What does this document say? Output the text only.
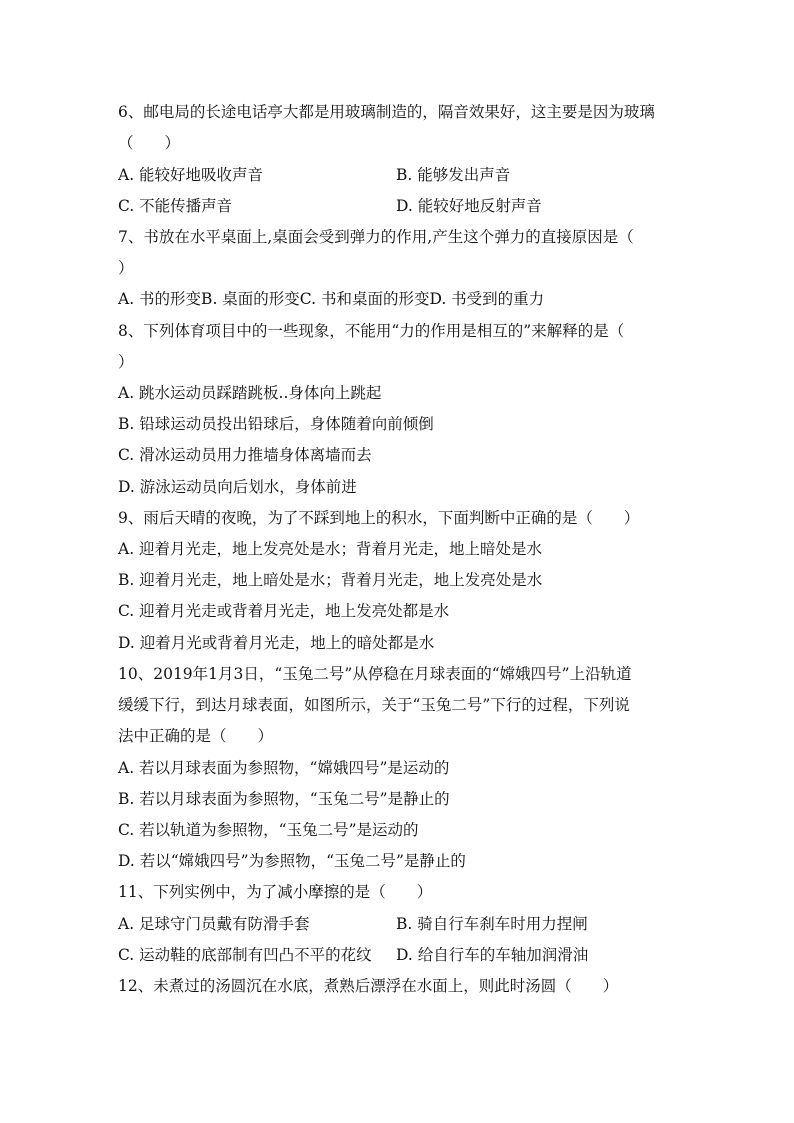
6、邮电局的长途电话亭大都是用玻璃制造的，隔音效果好，这主要是因为玻璃
（　　）
A. 能较好地吸收声音	B. 能够发出声音
C. 不能传播声音	D. 能较好地反射声音
7、书放在水平桌面上,桌面会受到弹力的作用,产生这个弹力的直接原因是（
）
A. 书的形变B. 桌面的形变C. 书和桌面的形变D. 书受到的重力
8、下列体育项目中的一些现象，不能用“力的作用是相互的”来解释的是（
）
A. 跳水运动员踩踏跳板..身体向上跳起
B. 铅球运动员投出铅球后，身体随着向前倾倒
C. 滑冰运动员用力推墙身体离墙而去
D. 游泳运动员向后划水，身体前进
9、雨后天晴的夜晚，为了不踩到地上的积水，下面判断中正确的是（　　）
A. 迎着月光走，地上发亮处是水；背着月光走，地上暗处是水
B. 迎着月光走，地上暗处是水；背着月光走，地上发亮处是水
C. 迎着月光走或背着月光走，地上发亮处都是水
D. 迎着月光或背着月光走，地上的暗处都是水
10、2019年1月3日，“玉兔二号”从停稳在月球表面的“嫦娥四号”上沿轨道
缓缓下行，到达月球表面，如图所示，关于“玉兔二号”下行的过程，下列说
法中正确的是（　　）
A. 若以月球表面为参照物，“嫦娥四号”是运动的
B. 若以月球表面为参照物，“玉兔二号”是静止的
C. 若以轨道为参照物，“玉兔二号”是运动的
D. 若以“嫦娥四号”为参照物，“玉兔二号”是静止的
11、下列实例中，为了减小摩擦的是（　　）
A. 足球守门员戴有防滑手套	B. 骑自行车刹车时用力捏闸
C. 运动鞋的底部制有凹凸不平的花纹 D. 给自行车的车轴加润滑油
12、未煮过的汤圆沉在水底，煮熟后漂浮在水面上，则此时汤圆（　　）
